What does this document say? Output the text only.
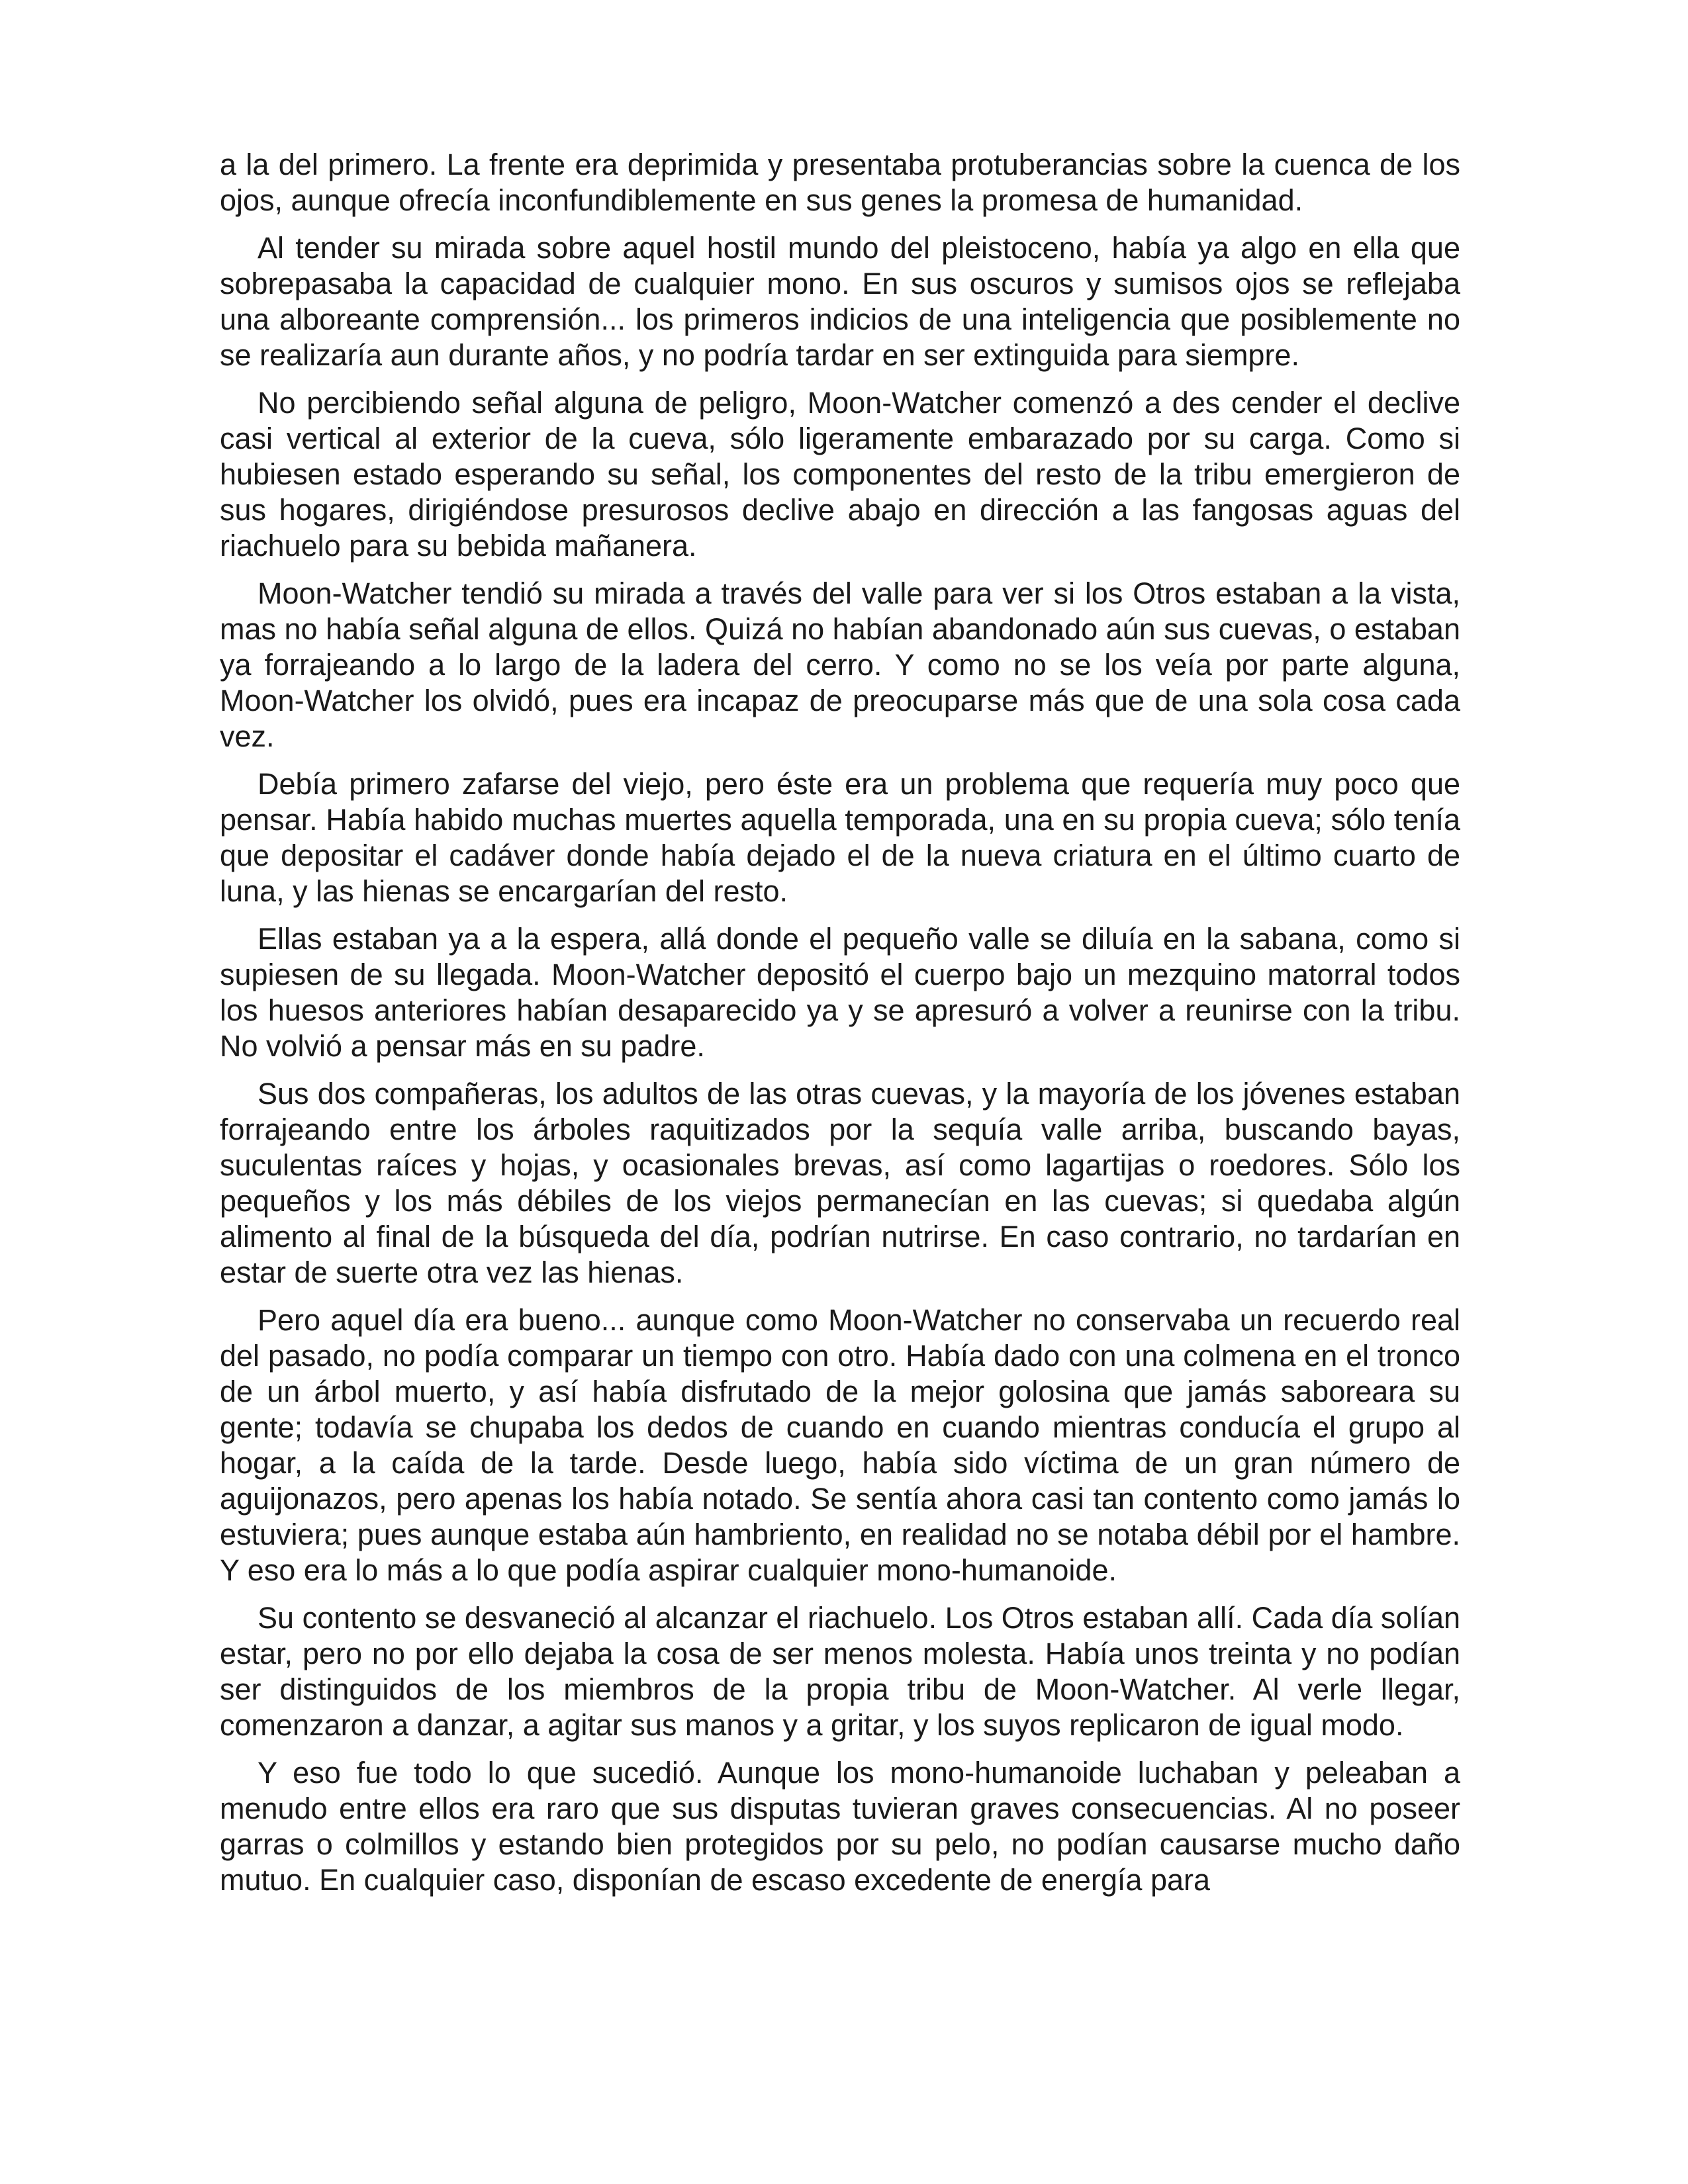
a la del primero. La frente era deprimida y presentaba protuberancias sobre la cuenca de los ojos, aunque ofrecía inconfundiblemente en sus genes la promesa de humanidad.

Al tender su mirada sobre aquel hostil mundo del pleistoceno, había ya algo en ella que sobrepasaba la capacidad de cualquier mono. En sus oscuros y sumisos ojos se reflejaba una alboreante comprensión... los primeros indicios de una inteligencia que posiblemente no se realizaría aun durante años, y no podría tardar en ser extinguida para siempre.

No percibiendo señal alguna de peligro, Moon-Watcher comenzó a des cender el declive casi vertical al exterior de la cueva, sólo ligeramente embarazado por su carga. Como si hubiesen estado esperando su señal, los componentes del resto de la tribu emergieron de sus hogares, dirigiéndose presurosos declive abajo en dirección a las fangosas aguas del riachuelo para su bebida mañanera.

Moon-Watcher tendió su mirada a través del valle para ver si los Otros estaban a la vista, mas no había señal alguna de ellos. Quizá no habían abandonado aún sus cuevas, o estaban ya forrajeando a lo largo de la ladera del cerro. Y como no se los veía por parte alguna, Moon-Watcher los olvidó, pues era incapaz de preocuparse más que de una sola cosa cada vez.

Debía primero zafarse del viejo, pero éste era un problema que requería muy poco que pensar. Había habido muchas muertes aquella temporada, una en su propia cueva; sólo tenía que depositar el cadáver donde había dejado el de la nueva criatura en el último cuarto de luna, y las hienas se encargarían del resto.

Ellas estaban ya a la espera, allá donde el pequeño valle se diluía en la sabana, como si supiesen de su llegada. Moon-Watcher depositó el cuerpo bajo un mezquino matorral todos los huesos anteriores habían desaparecido ya y se apresuró a volver a reunirse con la tribu. No volvió a pensar más en su padre.

Sus dos compañeras, los adultos de las otras cuevas, y la mayoría de los jóvenes estaban forrajeando entre los árboles raquitizados por la sequía valle arriba, buscando bayas, suculentas raíces y hojas, y ocasionales brevas, así como lagartijas o roedores. Sólo los pequeños y los más débiles de los viejos permanecían en las cuevas; si quedaba algún alimento al final de la búsqueda del día, podrían nutrirse. En caso contrario, no tardarían en estar de suerte otra vez las hienas.

Pero aquel día era bueno... aunque como Moon-Watcher no conservaba un recuerdo real del pasado, no podía comparar un tiempo con otro. Había dado con una colmena en el tronco de un árbol muerto, y así había disfrutado de la mejor golosina que jamás saboreara su gente; todavía se chupaba los dedos de cuando en cuando mientras conducía el grupo al hogar, a la caída de la tarde. Desde luego, había sido víctima de un gran número de aguijonazos, pero apenas los había notado. Se sentía ahora casi tan contento como jamás lo estuviera; pues aunque estaba aún hambriento, en realidad no se notaba débil por el hambre. Y eso era lo más a lo que podía aspirar cualquier mono-humanoide.

Su contento se desvaneció al alcanzar el riachuelo. Los Otros estaban allí. Cada día solían estar, pero no por ello dejaba la cosa de ser menos molesta. Había unos treinta y no podían ser distinguidos de los miembros de la propia tribu de Moon-Watcher. Al verle llegar, comenzaron a danzar, a agitar sus manos y a gritar, y los suyos replicaron de igual modo.

Y eso fue todo lo que sucedió. Aunque los mono-humanoide luchaban y peleaban a menudo entre ellos era raro que sus disputas tuvieran graves consecuencias. Al no poseer garras o colmillos y estando bien protegidos por su pelo, no podían causarse mucho daño mutuo. En cualquier caso, disponían de escaso excedente de energía para
